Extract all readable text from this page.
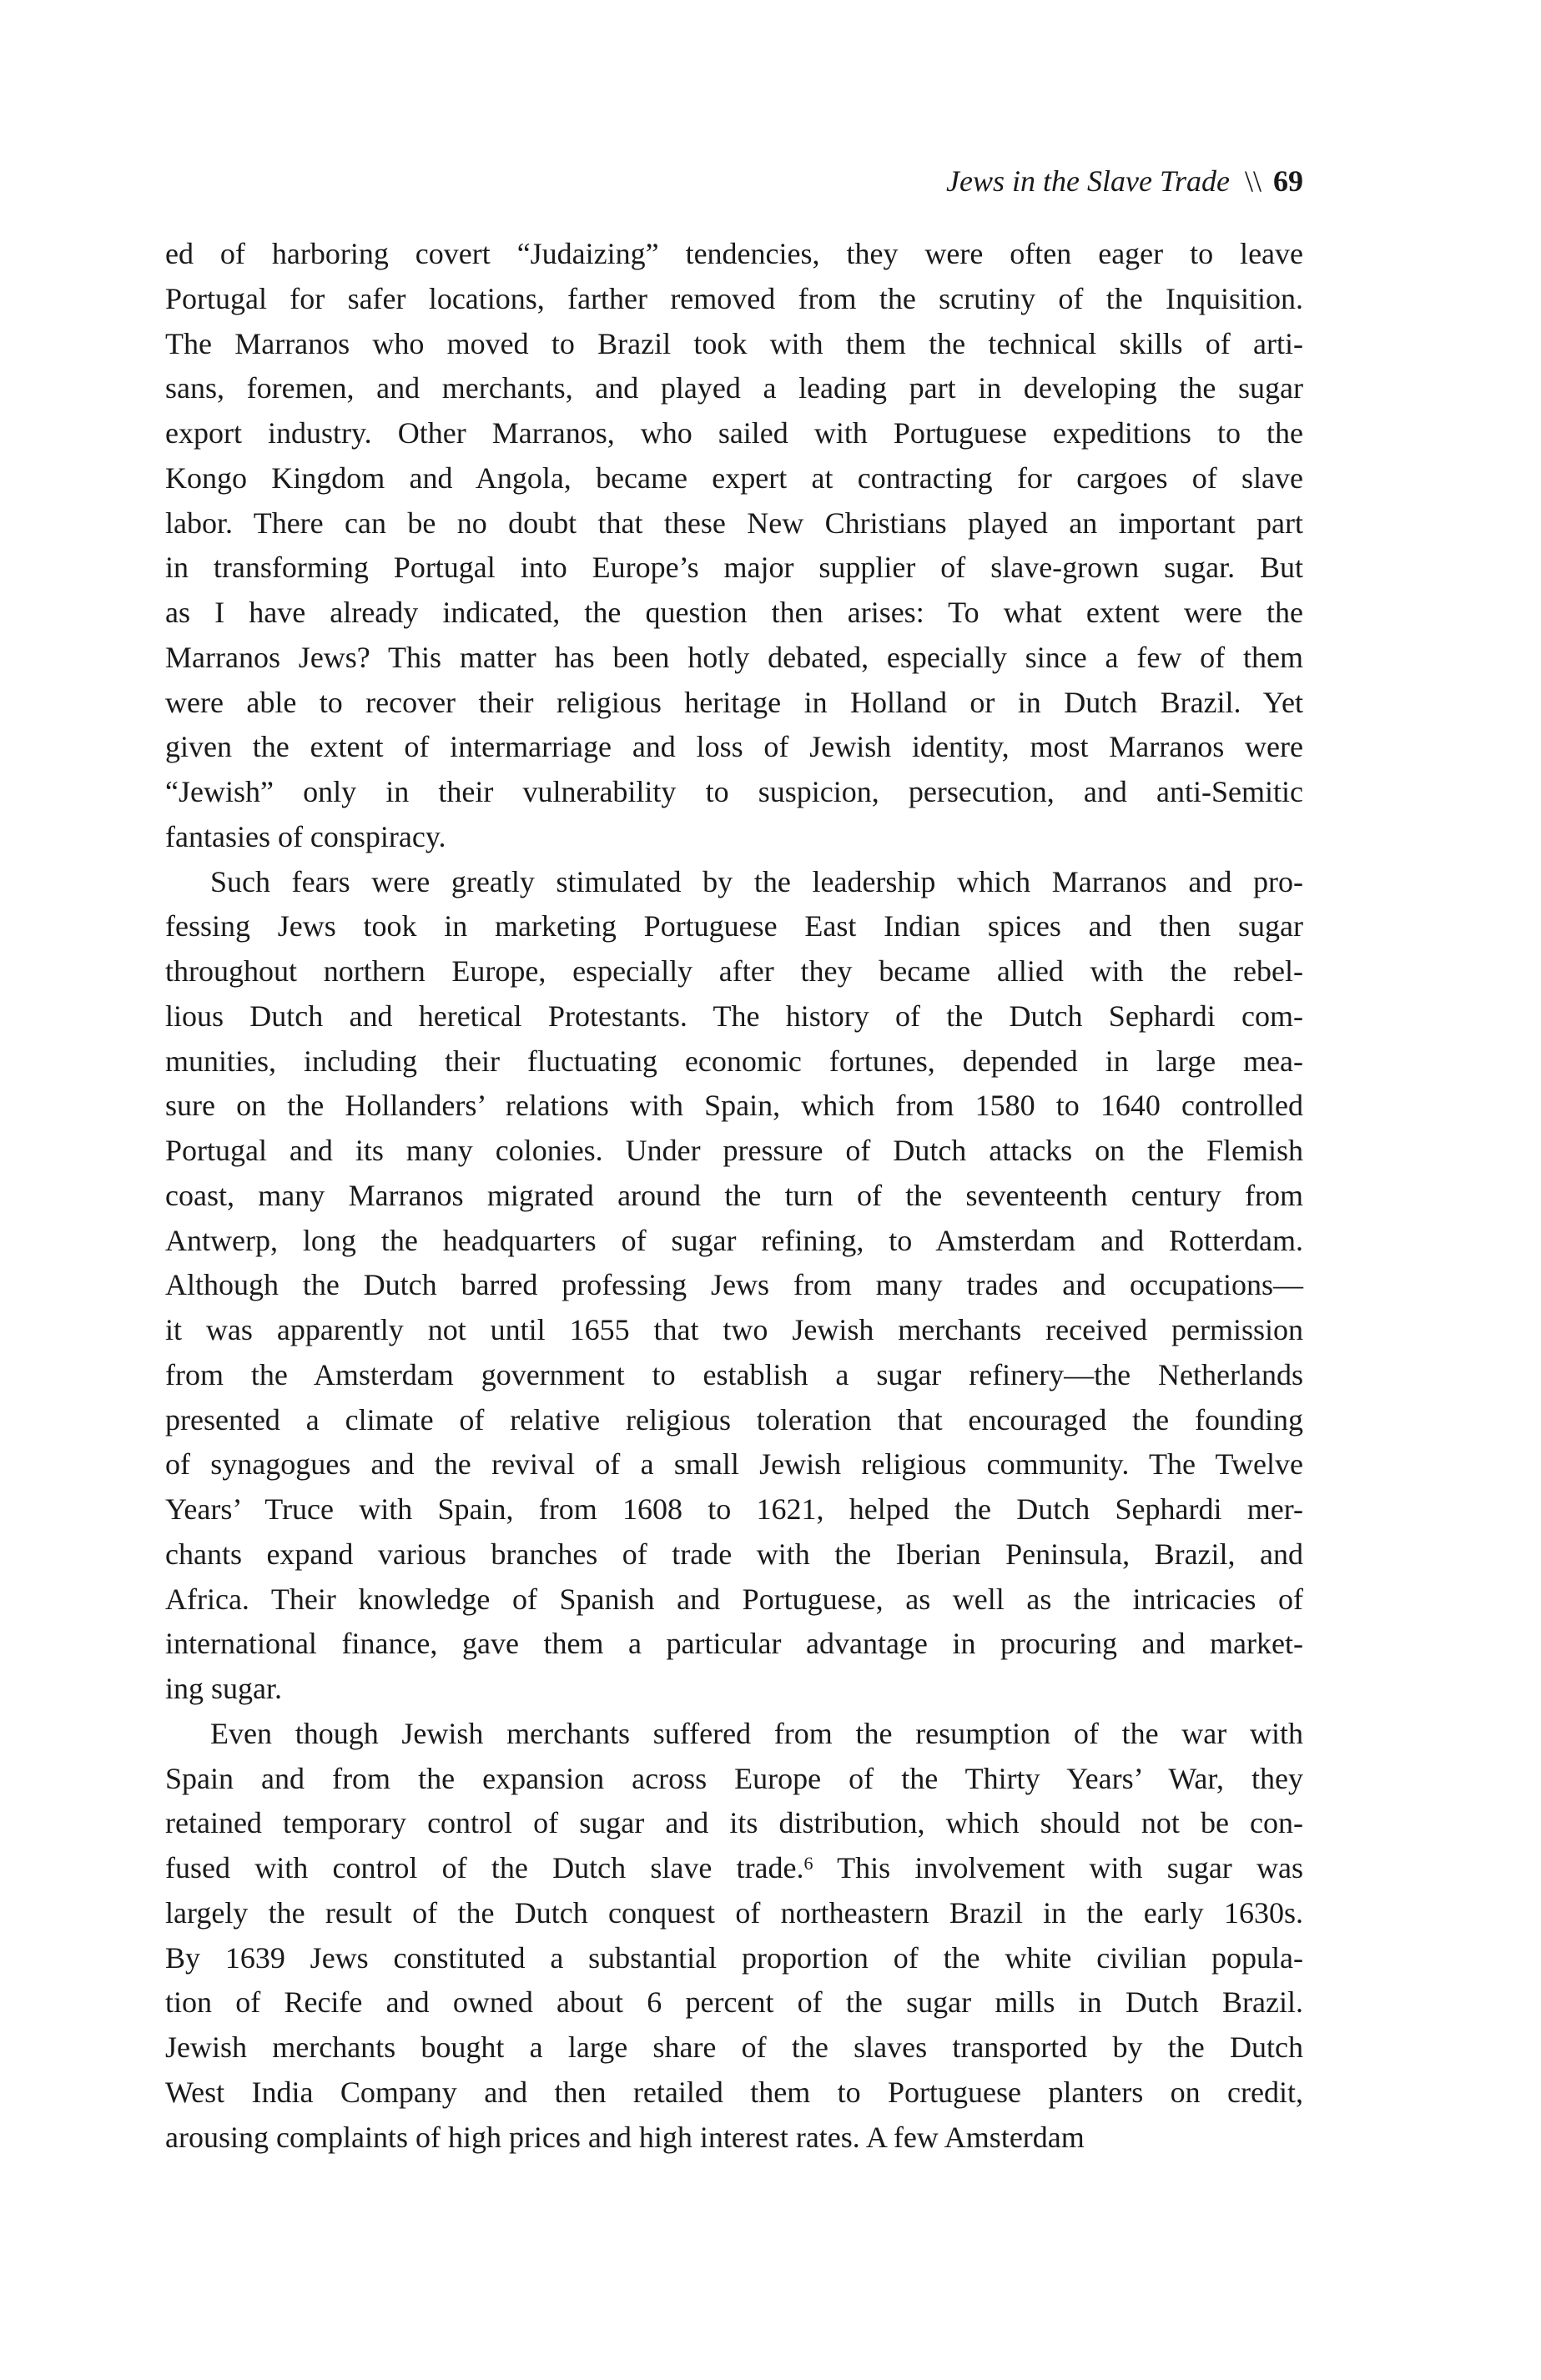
Jews in the Slave Trade \\ 69
ed of harboring covert “Judaizing” tendencies, they were often eager to leave
Portugal for safer locations, farther removed from the scrutiny of the Inquisition.
The Marranos who moved to Brazil took with them the technical skills of arti-
sans, foremen, and merchants, and played a leading part in developing the sugar
export industry. Other Marranos, who sailed with Portuguese expeditions to the
Kongo Kingdom and Angola, became expert at contracting for cargoes of slave
labor. There can be no doubt that these New Christians played an important part
in transforming Portugal into Europe’s major supplier of slave-grown sugar. But
as I have already indicated, the question then arises: To what extent were the
Marranos Jews? This matter has been hotly debated, especially since a few of them
were able to recover their religious heritage in Holland or in Dutch Brazil. Yet
given the extent of intermarriage and loss of Jewish identity, most Marranos were
“Jewish” only in their vulnerability to suspicion, persecution, and anti-Semitic
fantasies of conspiracy.
Such fears were greatly stimulated by the leadership which Marranos and pro-
fessing Jews took in marketing Portuguese East Indian spices and then sugar
throughout northern Europe, especially after they became allied with the rebel-
lious Dutch and heretical Protestants. The history of the Dutch Sephardi com-
munities, including their fluctuating economic fortunes, depended in large mea-
sure on the Hollanders’ relations with Spain, which from 1580 to 1640 controlled
Portugal and its many colonies. Under pressure of Dutch attacks on the Flemish
coast, many Marranos migrated around the turn of the seventeenth century from
Antwerp, long the headquarters of sugar refining, to Amsterdam and Rotterdam.
Although the Dutch barred professing Jews from many trades and occupations—
it was apparently not until 1655 that two Jewish merchants received permission
from the Amsterdam government to establish a sugar refinery—the Netherlands
presented a climate of relative religious toleration that encouraged the founding
of synagogues and the revival of a small Jewish religious community. The Twelve
Years’ Truce with Spain, from 1608 to 1621, helped the Dutch Sephardi mer-
chants expand various branches of trade with the Iberian Peninsula, Brazil, and
Africa. Their knowledge of Spanish and Portuguese, as well as the intricacies of
international finance, gave them a particular advantage in procuring and market-
ing sugar.
Even though Jewish merchants suffered from the resumption of the war with
Spain and from the expansion across Europe of the Thirty Years’ War, they
retained temporary control of sugar and its distribution, which should not be con-
fused with control of the Dutch slave trade.$^6$ This involvement with sugar was
largely the result of the Dutch conquest of northeastern Brazil in the early 1630s.
By 1639 Jews constituted a substantial proportion of the white civilian popula-
tion of Recife and owned about 6 percent of the sugar mills in Dutch Brazil.
Jewish merchants bought a large share of the slaves transported by the Dutch
West India Company and then retailed them to Portuguese planters on credit,
arousing complaints of high prices and high interest rates. A few Amsterdam
